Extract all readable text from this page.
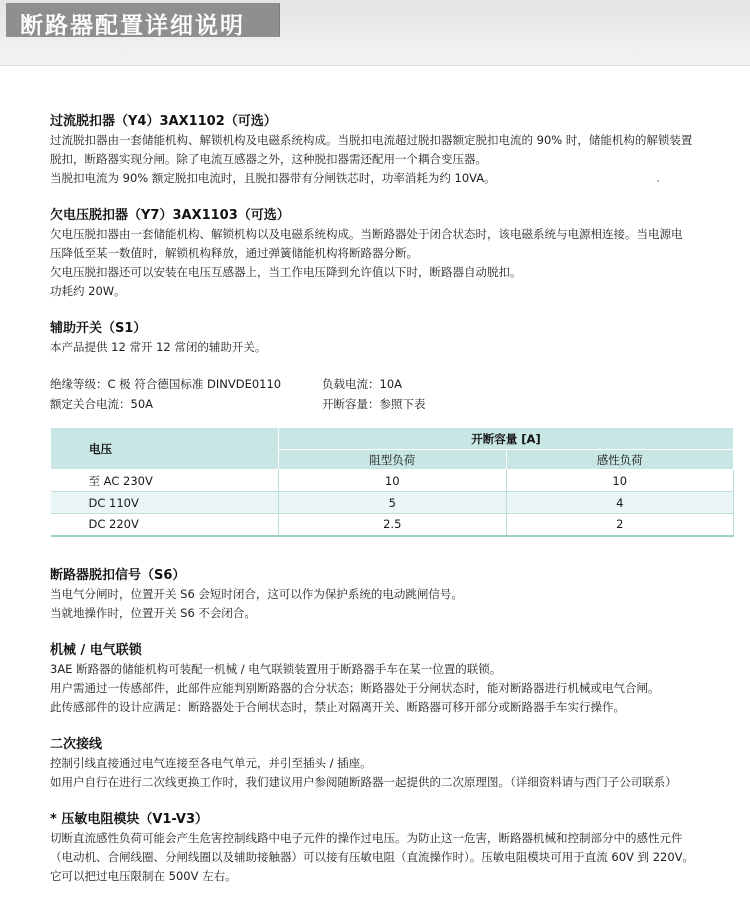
断路器配置详细说明
过流脱扣器（Y4）3AX1102（可选）
过流脱扣器由一套储能机构、解锁机构及电磁系统构成。当脱扣电流超过脱扣器额定脱扣电流的 90% 时，储能机构的解锁装置
脱扣，断路器实现分闸。除了电流互感器之外，这种脱扣器需还配用一个耦合变压器。
当脱扣电流为 90% 额定脱扣电流时，且脱扣器带有分闸铁芯时，功率消耗为约 10VA。
欠电压脱扣器（Y7）3AX1103（可选）
欠电压脱扣器由一套储能机构、解锁机构以及电磁系统构成。当断路器处于闭合状态时，该电磁系统与电源相连接。当电源电
压降低至某一数值时，解锁机构释放，通过弹簧储能机构将断路器分断。
欠电压脱扣器还可以安装在电压互感器上，当工作电压降到允许值以下时，断路器自动脱扣。
功耗约 20W。
辅助开关（S1）
本产品提供 12 常开 12 常闭的辅助开关。
绝缘等级：C 极 符合德国标准 DINVDE0110	负载电流：10A
额定关合电流：50A	开断容量：参照下表
电压	开断容量 [A]	
	阻型负荷	感性负荷
至 AC 230V	10	10
DC 110V	5	4
DC 220V	2.5	2
断路器脱扣信号（S6）
当电气分闸时，位置开关 S6 会短时闭合，这可以作为保护系统的电动跳闸信号。
当就地操作时，位置开关 S6 不会闭合。
机械 / 电气联锁
3AE 断路器的储能机构可装配一机械 / 电气联锁装置用于断路器手车在某一位置的联锁。
用户需通过一传感部件，此部件应能判别断路器的合分状态；断路器处于分闸状态时，能对断路器进行机械或电气合闸。
此传感部件的设计应满足：断路器处于合闸状态时，禁止对隔离开关、断路器可移开部分或断路器手车实行操作。
二次接线
控制引线直接通过电气连接至各电气单元，并引至插头 / 插座。
如用户自行在进行二次线更换工作时，我们建议用户参阅随断路器一起提供的二次原理图。（详细资料请与西门子公司联系）
* 压敏电阻模块（V1-V3）
切断直流感性负荷可能会产生危害控制线路中电子元件的操作过电压。为防止这一危害，断路器机械和控制部分中的感性元件
（电动机、合闸线圈、分闸线圈以及辅助接触器）可以接有压敏电阻（直流操作时）。压敏电阻模块可用于直流 60V 到 220V。
它可以把过电压限制在 500V 左右。
